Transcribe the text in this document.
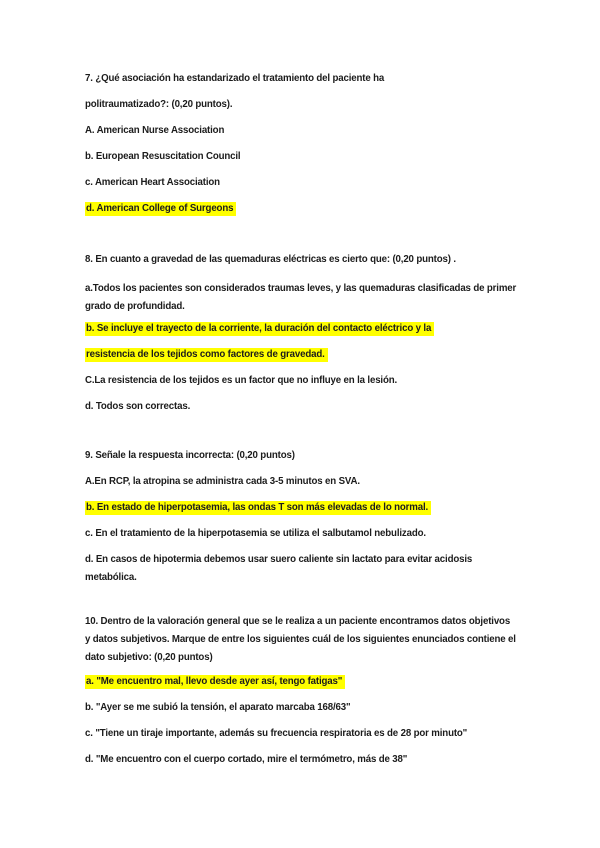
7. ¿Qué asociación ha estandarizado el tratamiento del paciente ha
politraumatizado?: (0,20 puntos).
A. American Nurse Association
b. European Resuscitation Council
c. American Heart Association
d. American College of Surgeons
8. En cuanto a gravedad de las quemaduras eléctricas es cierto que: (0,20 puntos) .
a.Todos los pacientes son considerados traumas leves, y las quemaduras clasificadas de primer
grado de profundidad.
b. Se incluye el trayecto de la corriente, la duración del contacto eléctrico y la
resistencia de los tejidos como factores de gravedad.
C.La resistencia de los tejidos es un factor que no influye en la lesión.
d. Todos son correctas.
9. Señale la respuesta incorrecta: (0,20 puntos)
A.En RCP, la atropina se administra cada 3-5 minutos en SVA.
b. En estado de hiperpotasemia, las ondas T son más elevadas de lo normal.
c. En el tratamiento de la hiperpotasemia se utiliza el salbutamol nebulizado.
d. En casos de hipotermia debemos usar suero caliente sin lactato para evitar acidosis
metabólica.
10. Dentro de la valoración general que se le realiza a un paciente encontramos datos objetivos
y datos subjetivos. Marque de entre los siguientes cuál de los siguientes enunciados contiene el
dato subjetivo: (0,20 puntos)
a. "Me encuentro mal, llevo desde ayer así, tengo fatigas"
b. "Ayer se me subió la tensión, el aparato marcaba 168/63"
c. "Tiene un tiraje importante, además su frecuencia respiratoria es de 28 por minuto"
d. "Me encuentro con el cuerpo cortado, mire el termómetro, más de 38"
